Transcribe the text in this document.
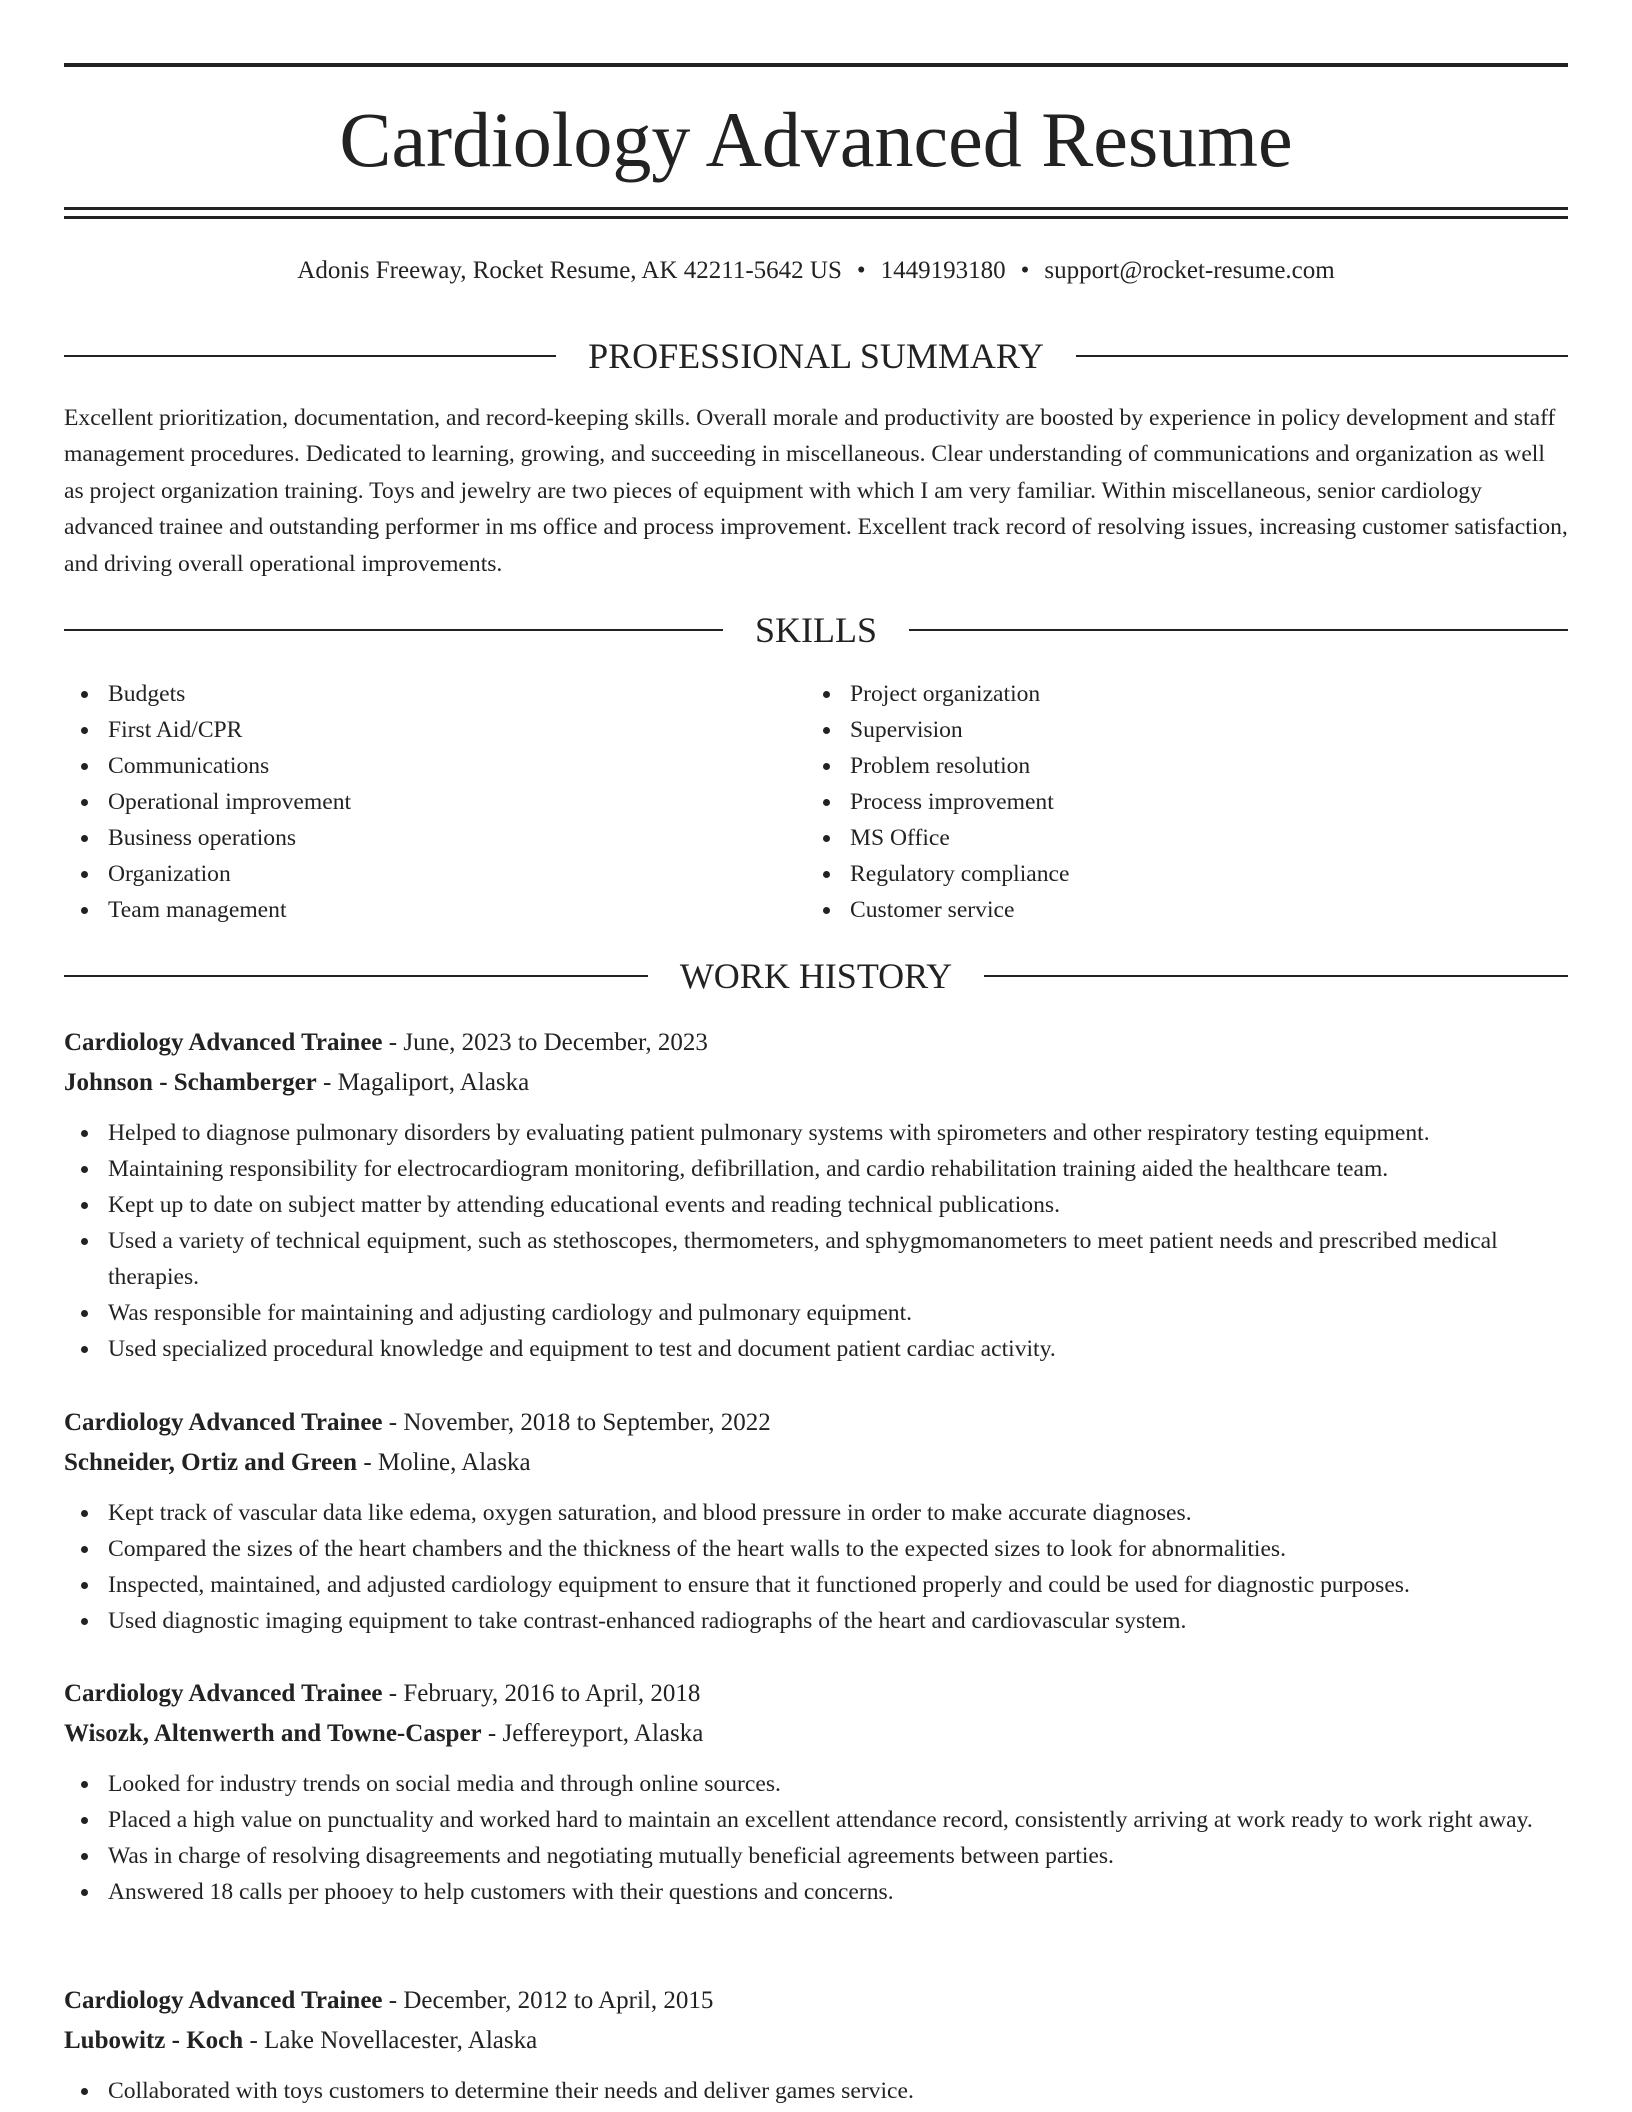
Cardiology Advanced Resume
Adonis Freeway, Rocket Resume, AK 42211-5642 US • 1449193180 • support@rocket-resume.com
PROFESSIONAL SUMMARY

Excellent prioritization, documentation, and record-keeping skills. Overall morale and productivity are boosted by experience in policy development and staff management procedures. Dedicated to learning, growing, and succeeding in miscellaneous. Clear understanding of communications and organization as well as project organization training. Toys and jewelry are two pieces of equipment with which I am very familiar. Within miscellaneous, senior cardiology advanced trainee and outstanding performer in ms office and process improvement. Excellent track record of resolving issues, increasing customer satisfaction, and driving overall operational improvements.

SKILLS
Budgets
First Aid/CPR
Communications
Operational improvement
Business operations
Organization
Team management
Project organization
Supervision
Problem resolution
Process improvement
MS Office
Regulatory compliance
Customer service
WORK HISTORY
Cardiology Advanced Trainee - June, 2023 to December, 2023
Johnson - Schamberger - Magaliport, Alaska
Helped to diagnose pulmonary disorders by evaluating patient pulmonary systems with spirometers and other respiratory testing equipment.
Maintaining responsibility for electrocardiogram monitoring, defibrillation, and cardio rehabilitation training aided the healthcare team.
Kept up to date on subject matter by attending educational events and reading technical publications.
Used a variety of technical equipment, such as stethoscopes, thermometers, and sphygmomanometers to meet patient needs and prescribed medical therapies.
Was responsible for maintaining and adjusting cardiology and pulmonary equipment.
Used specialized procedural knowledge and equipment to test and document patient cardiac activity.
Cardiology Advanced Trainee - November, 2018 to September, 2022
Schneider, Ortiz and Green - Moline, Alaska
Kept track of vascular data like edema, oxygen saturation, and blood pressure in order to make accurate diagnoses.
Compared the sizes of the heart chambers and the thickness of the heart walls to the expected sizes to look for abnormalities.
Inspected, maintained, and adjusted cardiology equipment to ensure that it functioned properly and could be used for diagnostic purposes.
Used diagnostic imaging equipment to take contrast-enhanced radiographs of the heart and cardiovascular system.
Cardiology Advanced Trainee - February, 2016 to April, 2018
Wisozk, Altenwerth and Towne-Casper - Jeffereyport, Alaska
Looked for industry trends on social media and through online sources.
Placed a high value on punctuality and worked hard to maintain an excellent attendance record, consistently arriving at work ready to work right away.
Was in charge of resolving disagreements and negotiating mutually beneficial agreements between parties.
Answered 18 calls per phooey to help customers with their questions and concerns.
Cardiology Advanced Trainee - December, 2012 to April, 2015
Lubowitz - Koch - Lake Novellacester, Alaska
Collaborated with toys customers to determine their needs and deliver games service.
